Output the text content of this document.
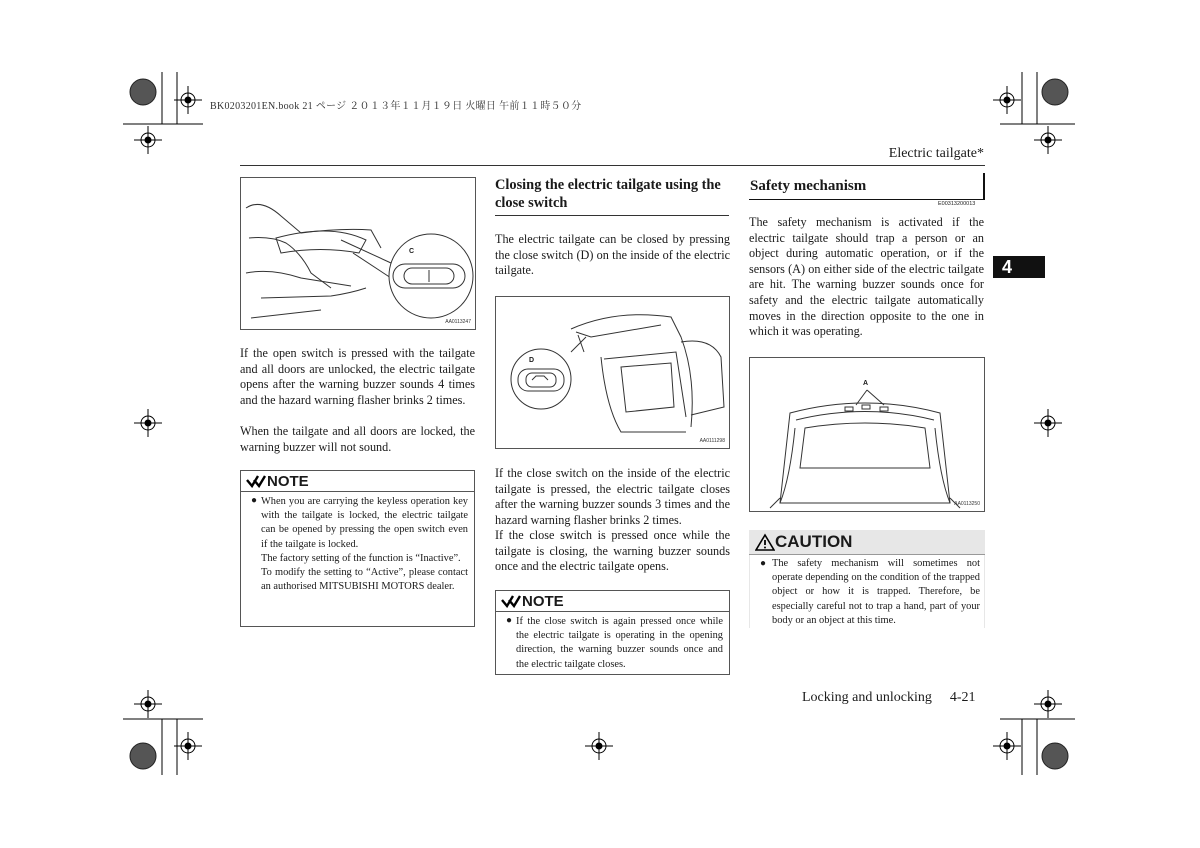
BK0203201EN.book 21 ページ ２０１３年１１月１９日 火曜日 午前１１時５０分
Electric tailgate*
4
C
AA0113247
If the open switch is pressed with the tailgate and all doors are unlocked, the electric tailgate opens after the warning buzzer sounds 4 times and the hazard warning flasher brinks 2 times.
When the tailgate and all doors are locked, the warning buzzer will not sound.
NOTE
● When you are carrying the keyless operation key with the tailgate is locked, the electric tailgate can be opened by pressing the open switch even if the tailgate is locked.

The factory setting of the function is “Inactive”.

To modify the setting to “Active”, please contact an authorised MITSUBISHI MOTORS dealer.

Closing the electric tailgate using the close switch
The electric tailgate can be closed by pressing the close switch (D) on the inside of the electric tailgate.
D
AA0111298
If the close switch on the inside of the electric tailgate is pressed, the electric tailgate closes after the warning buzzer sounds 3 times and the hazard warning flasher brinks 2 times.
If the close switch is pressed once while the tailgate is closing, the warning buzzer sounds once and the electric tailgate opens.
NOTE
● If the close switch is again pressed once while the electric tailgate is operating in the opening direction, the warning buzzer sounds once and the electric tailgate closes.

Safety mechanism
E00313200013
The safety mechanism is activated if the electric tailgate should trap a person or an object during automatic operation, or if the sensors (A) on either side of the electric tailgate are hit. The warning buzzer sounds once for safety and the electric tailgate automatically moves in the direction opposite to the one in which it was operating.
A
AA0113250
CAUTION
● The safety mechanism will sometimes not operate depending on the condition of the trapped object or how it is trapped. Therefore, be especially careful not to trap a hand, part of your body or an object at this time.
Locking and unlocking 4-21
